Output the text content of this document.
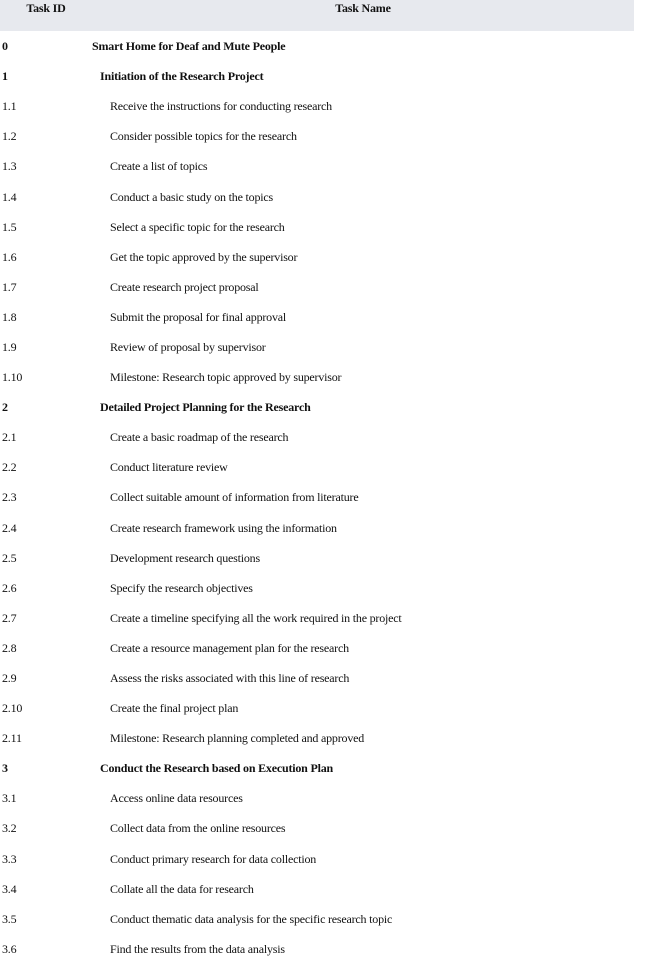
Task ID	Task Name
0	Smart Home for Deaf and Mute People
1	Initiation of the Research Project
1.1	Receive the instructions for conducting research
1.2	Consider possible topics for the research
1.3	Create a list of topics
1.4	Conduct a basic study on the topics
1.5	Select a specific topic for the research
1.6	Get the topic approved by the supervisor
1.7	Create research project proposal
1.8	Submit the proposal for final approval
1.9	Review of proposal by supervisor
1.10	Milestone: Research topic approved by supervisor
2	Detailed Project Planning for the Research
2.1	Create a basic roadmap of the research
2.2	Conduct literature review
2.3	Collect suitable amount of information from literature
2.4	Create research framework using the information
2.5	Development research questions
2.6	Specify the research objectives
2.7	Create a timeline specifying all the work required in the project
2.8	Create a resource management plan for the research
2.9	Assess the risks associated with this line of research
2.10	Create the final project plan
2.11	Milestone: Research planning completed and approved
3	Conduct the Research based on Execution Plan
3.1	Access online data resources
3.2	Collect data from the online resources
3.3	Conduct primary research for data collection
3.4	Collate all the data for research
3.5	Conduct thematic data analysis for the specific research topic
3.6	Find the results from the data analysis
